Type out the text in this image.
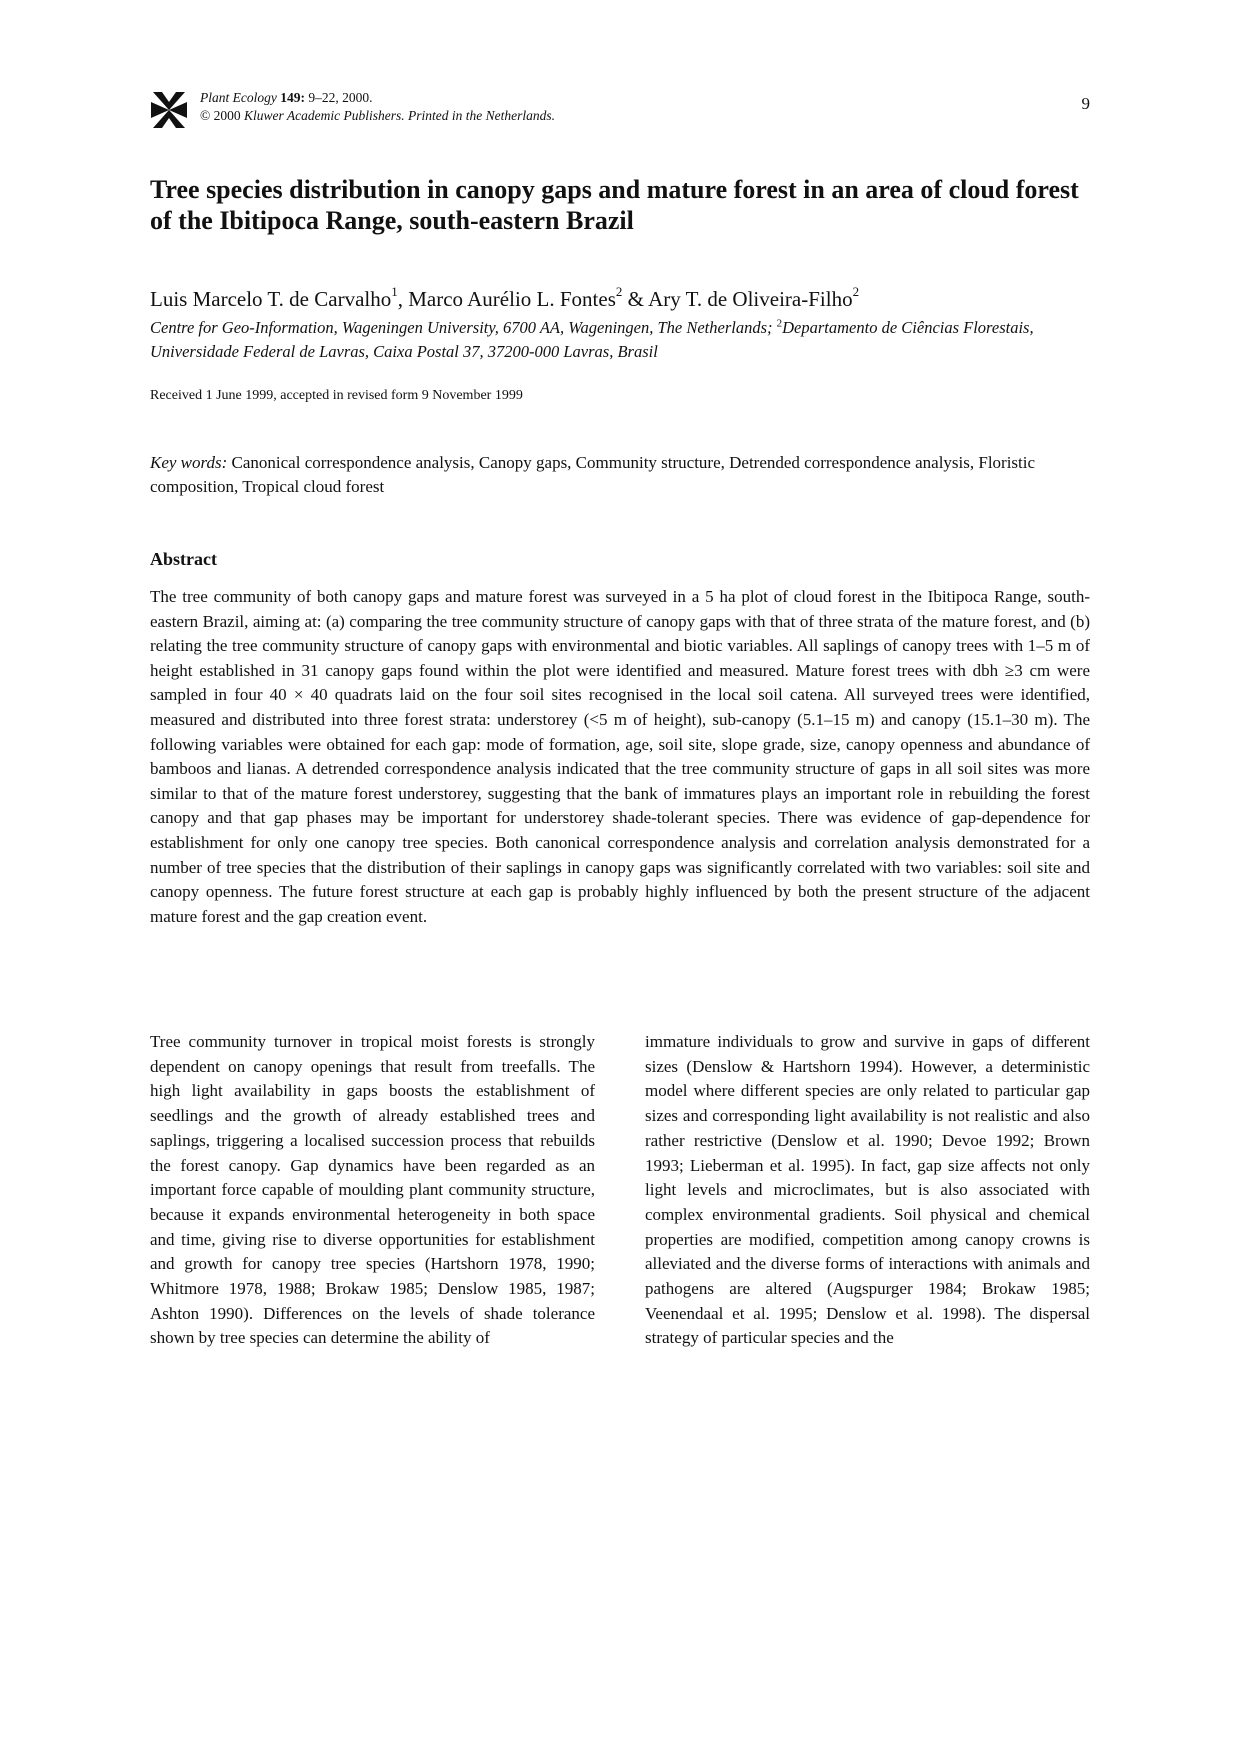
Plant Ecology 149: 9–22, 2000.
© 2000 Kluwer Academic Publishers. Printed in the Netherlands.
9
Tree species distribution in canopy gaps and mature forest in an area of cloud forest of the Ibitipoca Range, south-eastern Brazil
Luis Marcelo T. de Carvalho$^1$, Marco Aurélio L. Fontes$^2$ & Ary T. de Oliveira-Filho$^2$
Centre for Geo-Information, Wageningen University, 6700 AA, Wageningen, The Netherlands; $^2$Departamento de Ciências Florestais, Universidade Federal de Lavras, Caixa Postal 37, 37200-000 Lavras, Brasil
Received 1 June 1999, accepted in revised form 9 November 1999
Key words: Canonical correspondence analysis, Canopy gaps, Community structure, Detrended correspondence analysis, Floristic composition, Tropical cloud forest
Abstract

The tree community of both canopy gaps and mature forest was surveyed in a 5 ha plot of cloud forest in the Ibitipoca Range, south-eastern Brazil, aiming at: (a) comparing the tree community structure of canopy gaps with that of three strata of the mature forest, and (b) relating the tree community structure of canopy gaps with environmental and biotic variables. All saplings of canopy trees with 1–5 m of height established in 31 canopy gaps found within the plot were identified and measured. Mature forest trees with dbh ≥3 cm were sampled in four 40 × 40 quadrats laid on the four soil sites recognised in the local soil catena. All surveyed trees were identified, measured and distributed into three forest strata: understorey (<5 m of height), sub-canopy (5.1–15 m) and canopy (15.1–30 m). The following variables were obtained for each gap: mode of formation, age, soil site, slope grade, size, canopy openness and abundance of bamboos and lianas. A detrended correspondence analysis indicated that the tree community structure of gaps in all soil sites was more similar to that of the mature forest understorey, suggesting that the bank of immatures plays an important role in rebuilding the forest canopy and that gap phases may be important for understorey shade-tolerant species. There was evidence of gap-dependence for establishment for only one canopy tree species. Both canonical correspondence analysis and correlation analysis demonstrated for a number of tree species that the distribution of their saplings in canopy gaps was significantly correlated with two variables: soil site and canopy openness. The future forest structure at each gap is probably highly influenced by both the present structure of the adjacent mature forest and the gap creation event.

Tree community turnover in tropical moist forests is strongly dependent on canopy openings that result from treefalls. The high light availability in gaps boosts the establishment of seedlings and the growth of already established trees and saplings, triggering a localised succession process that rebuilds the forest canopy. Gap dynamics have been regarded as an important force capable of moulding plant community structure, because it expands environmental heterogeneity in both space and time, giving rise to diverse opportunities for establishment and growth for canopy tree species (Hartshorn 1978, 1990; Whitmore 1978, 1988; Brokaw 1985; Denslow 1985, 1987; Ashton 1990). Differences on the levels of shade tolerance shown by tree species can determine the ability of

immature individuals to grow and survive in gaps of different sizes (Denslow & Hartshorn 1994). However, a deterministic model where different species are only related to particular gap sizes and corresponding light availability is not realistic and also rather restrictive (Denslow et al. 1990; Devoe 1992; Brown 1993; Lieberman et al. 1995). In fact, gap size affects not only light levels and microclimates, but is also associated with complex environmental gradients. Soil physical and chemical properties are modified, competition among canopy crowns is alleviated and the diverse forms of interactions with animals and pathogens are altered (Augspurger 1984; Brokaw 1985; Veenendaal et al. 1995; Denslow et al. 1998). The dispersal strategy of particular species and the
